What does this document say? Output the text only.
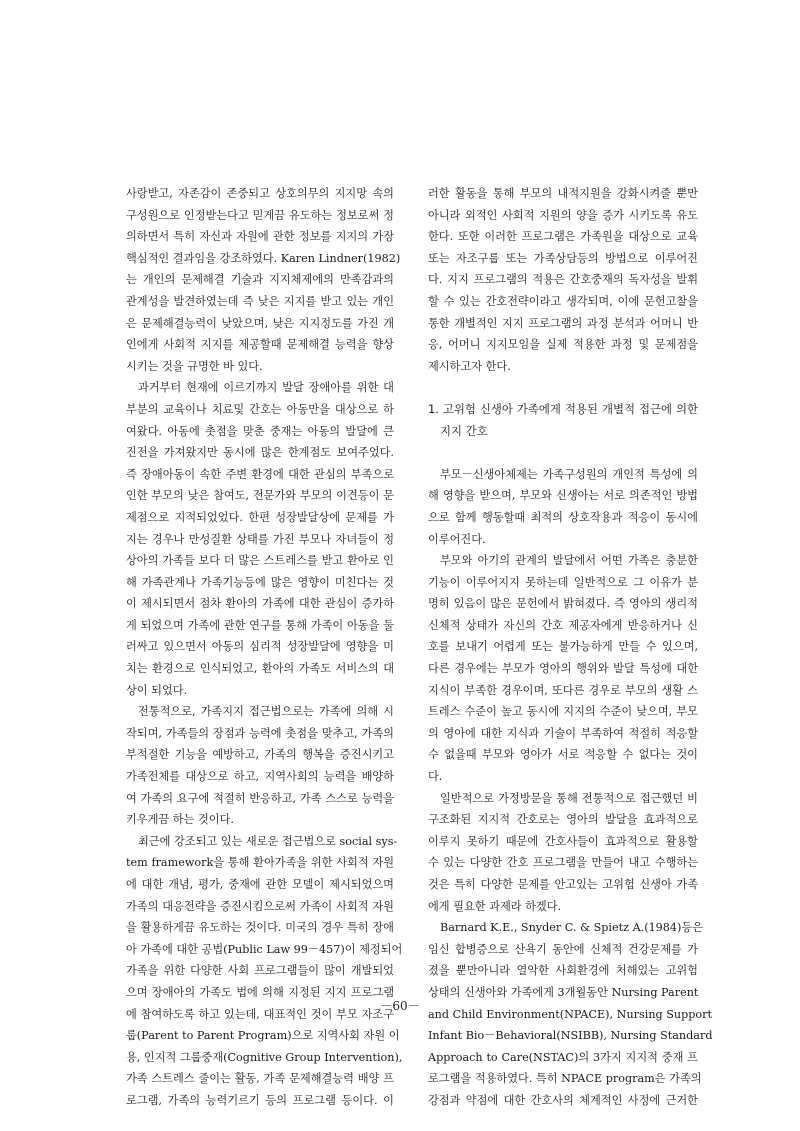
사랑받고, 자존감이 존중되고 상호의무의 지지망 속의
구성원으로 인정받는다고 믿게끔 유도하는 정보로써 정
의하면서 특히 자신과 자원에 관한 정보를 지지의 가장
핵심적인 결과임을 강조하였다. Karen Lindner(1982)
는 개인의 문제해결 기술과 지지체제에의 만족감과의
관계성을 발견하였는데 즉 낮은 지지를 받고 있는 개인
은 문제해결능력이 낮았으며, 낮은 지지정도를 가진 개
인에게 사회적 지지를 제공할때 문제해결 능력을 향상
시키는 것을 규명한 바 있다.
과거부터 현재에 이르기까지 발달 장애아를 위한 대
부분의 교육이나 치료및 간호는 아동만을 대상으로 하
여왔다. 아동에 촛점을 맞춘 중재는 아동의 발달에 큰
진전을 가져왔지만 동시에 많은 한계점도 보여주었다.
즉 장애아동이 속한 주변 환경에 대한 관심의 부족으로
인한 부모의 낮은 참여도, 전문가와 부모의 이견등이 문
제점으로 지적되었었다. 한편 성장발달상에 문제를 가
지는 경우나 만성질환 상태를 가진 부모나 자녀들이 정
상아의 가족들 보다 더 많은 스트레스를 받고 환아로 인
해 가족관계나 가족기능등에 많은 영향이 미친다는 것
이 제시되면서 점차 환아의 가족에 대한 관심이 증가하
게 되었으며 가족에 관한 연구를 통해 가족이 아동을 둘
러싸고 있으면서 아동의 심리적 성장발달에 영향을 미
치는 환경으로 인식되었고, 환아의 가족도 서비스의 대
상이 되었다.
전통적으로, 가족지지 접근법으로는 가족에 의해 시
작되며, 가족들의 장점과 능력에 촛점을 맞추고, 가족의
부적절한 기능을 예방하고, 가족의 행복을 증진시키고
가족전체를 대상으로 하고, 지역사회의 능력을 배양하
여 가족의 요구에 적절히 반응하고, 가족 스스로 능력을
키우게끔 하는 것이다.
최근에 강조되고 있는 새로운 접근법으로 social sys-
tem framework을 통해 환아가족을 위한 사회적 자원
에 대한 개념, 평가, 중재에 관한 모델이 제시되었으며
가족의 대응전략을 증진시킴으로써 가족이 사회적 자원
을 활용하게끔 유도하는 것이다. 미국의 경우 특히 장애
아 가족에 대한 공법(Public Law 99－457)이 제정되어
가족을 위한 다양한 사회 프로그램들이 많이 개발되었
으며 장애아의 가족도 법에 의해 지정된 지지 프로그램
에 참여하도록 하고 있는데, 대표적인 것이 부모 자조구
룹(Parent to Parent Program)으로 지역사회 자원 이
용, 인지적 그룹중재(Cognitive Group Intervention),
가족 스트레스 줄이는 활동, 가족 문제해결능력 배양 프
로그램, 가족의 능력기르기 등의 프로그램 등이다. 이
러한 활동을 통해 부모의 내적지원을 강화시켜줄 뿐만
아니라 외적인 사회적 지원의 양을 증가 시키도록 유도
한다. 또한 이러한 프로그램은 가족원을 대상으로 교육
또는 자조구룹 또는 가족상담등의 방법으로 이루어진
다. 지지 프로그램의 적용은 간호중재의 독자성을 발휘
할 수 있는 간호전략이라고 생각되며, 이에 문헌고찰을
통한 개별적인 지지 프로그램의 과정 분석과 어머니 반
응, 어머니 지지모임을 실제 적용한 과정 및 문제점을
제시하고자 한다.
1. 고위험 신생아 가족에게 적용된 개별적 접근에 의한
지지 간호
부모－신생아체제는 가족구성원의 개인적 특성에 의
해 영향을 받으며, 부모와 신생아는 서로 의존적인 방법
으로 함께 행동할때 최적의 상호작용과 적응이 동시에
이루어진다.
부모와 아기의 관계의 발달에서 어떤 가족은 충분한
기능이 이루어지지 못하는데 일반적으로 그 이유가 분
명히 있음이 많은 문헌에서 밝혀졌다. 즉 영아의 생리적
신체적 상태가 자신의 간호 제공자에게 반응하거나 신
호를 보내기 어렵게 또는 불가능하게 만들 수 있으며,
다른 경우에는 부모가 영아의 행위와 발달 특성에 대한
지식이 부족한 경우이며, 또다른 경우로 부모의 생활 스
트레스 수준이 높고 동시에 지지의 수준이 낮으며, 부모
의 영아에 대한 지식과 기술이 부족하여 적절히 적응할
수 없을때 부모와 영아가 서로 적응할 수 없다는 것이
다.
일반적으로 가정방문을 통해 전통적으로 접근했던 비
구조화된 지지적 간호로는 영아의 발달을 효과적으로
이루지 못하기 때문에 간호사들이 효과적으로 활용할
수 있는 다양한 간호 프로그램을 만들어 내고 수행하는
것은 특히 다양한 문제를 안고있는 고위험 신생아 가족
에게 필요한 과제라 하겠다.
Barnard K.E., Snyder C. & Spietz A.(1984)등은
임신 합병증으로 산욕기 동안에 신체적 건강문제를 가
졌을 뿐만아니라 열악한 사회환경에 처해있는 고위험
상태의 신생아와 가족에게 3개월동안 Nursing Parent
and Child Environment(NPACE), Nursing Support
Infant Bio－Behavioral(NSIBB), Nursing Standard
Approach to Care(NSTAC)의 3가지 지지적 중재 프
로그램을 적용하였다. 특히 NPACE program은 가족의
강점과 약점에 대한 간호사의 체계적인 사정에 근거한
－60－
